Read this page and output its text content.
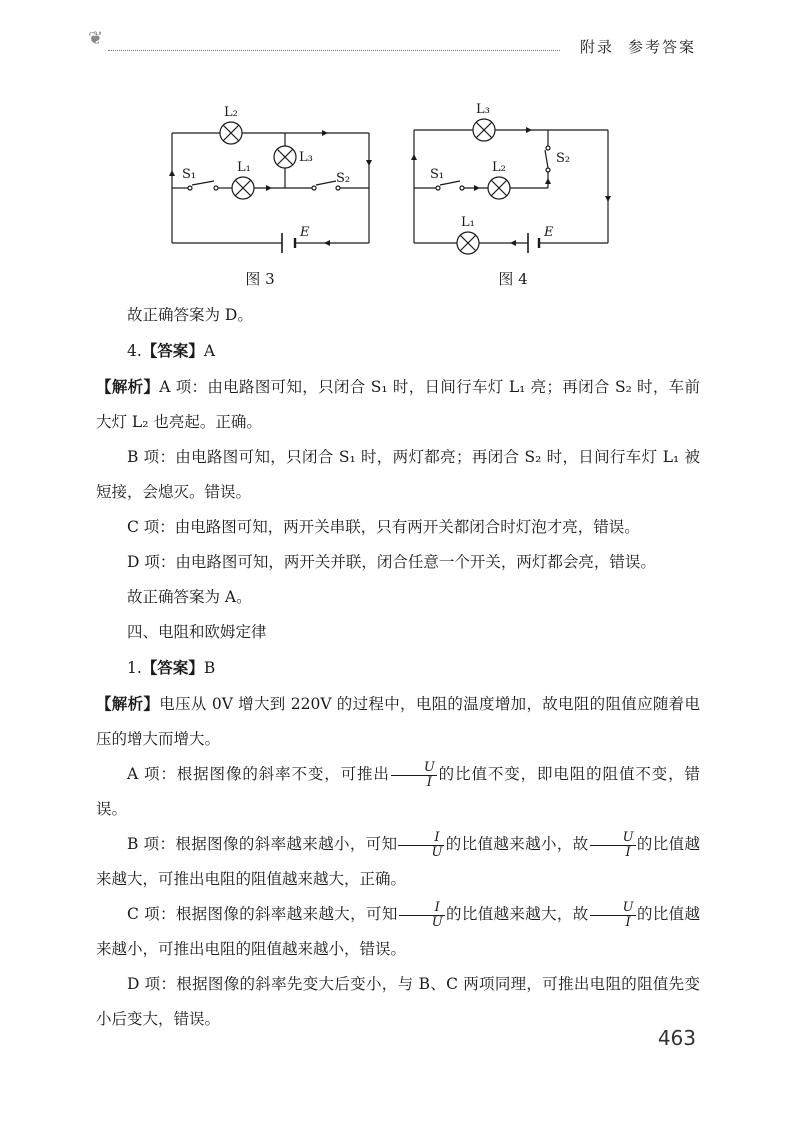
❦	附录 参考答案
L₂
L₃
L₁
S₁	S₂
E
图 3
L₃
L₂
L₁
S₁
S₂
E
图 4

故正确答案为 D。

4.【答案】A

【解析】A 项：由电路图可知，只闭合 S₁ 时，日间行车灯 L₁ 亮；再闭合 S₂ 时，车前大灯 L₂ 也亮起。正确。

B 项：由电路图可知，只闭合 S₁ 时，两灯都亮；再闭合 S₂ 时，日间行车灯 L₁ 被短接，会熄灭。错误。

C 项：由电路图可知，两开关串联，只有两开关都闭合时灯泡才亮，错误。

D 项：由电路图可知，两开关并联，闭合任意一个开关，两灯都会亮，错误。

故正确答案为 A。

四、电阻和欧姆定律

1.【答案】B

【解析】电压从 0V 增大到 220V 的过程中，电阻的温度增加，故电阻的阻值应随着电压的增大而增大。

A 项：根据图像的斜率不变，可推出 $\frac{U}{I}$ 的比值不变，即电阻的阻值不变，错误。

B 项：根据图像的斜率越来越小，可知 $\frac{I}{U}$ 的比值越来越小，故 $\frac{U}{I}$ 的比值越来越大，可推出电阻的阻值越来越大，正确。

C 项：根据图像的斜率越来越大，可知 $\frac{I}{U}$ 的比值越来越大，故 $\frac{U}{I}$ 的比值越来越小，可推出电阻的阻值越来越小，错误。

D 项：根据图像的斜率先变大后变小，与 B、C 两项同理，可推出电阻的阻值先变小后变大，错误。

463
